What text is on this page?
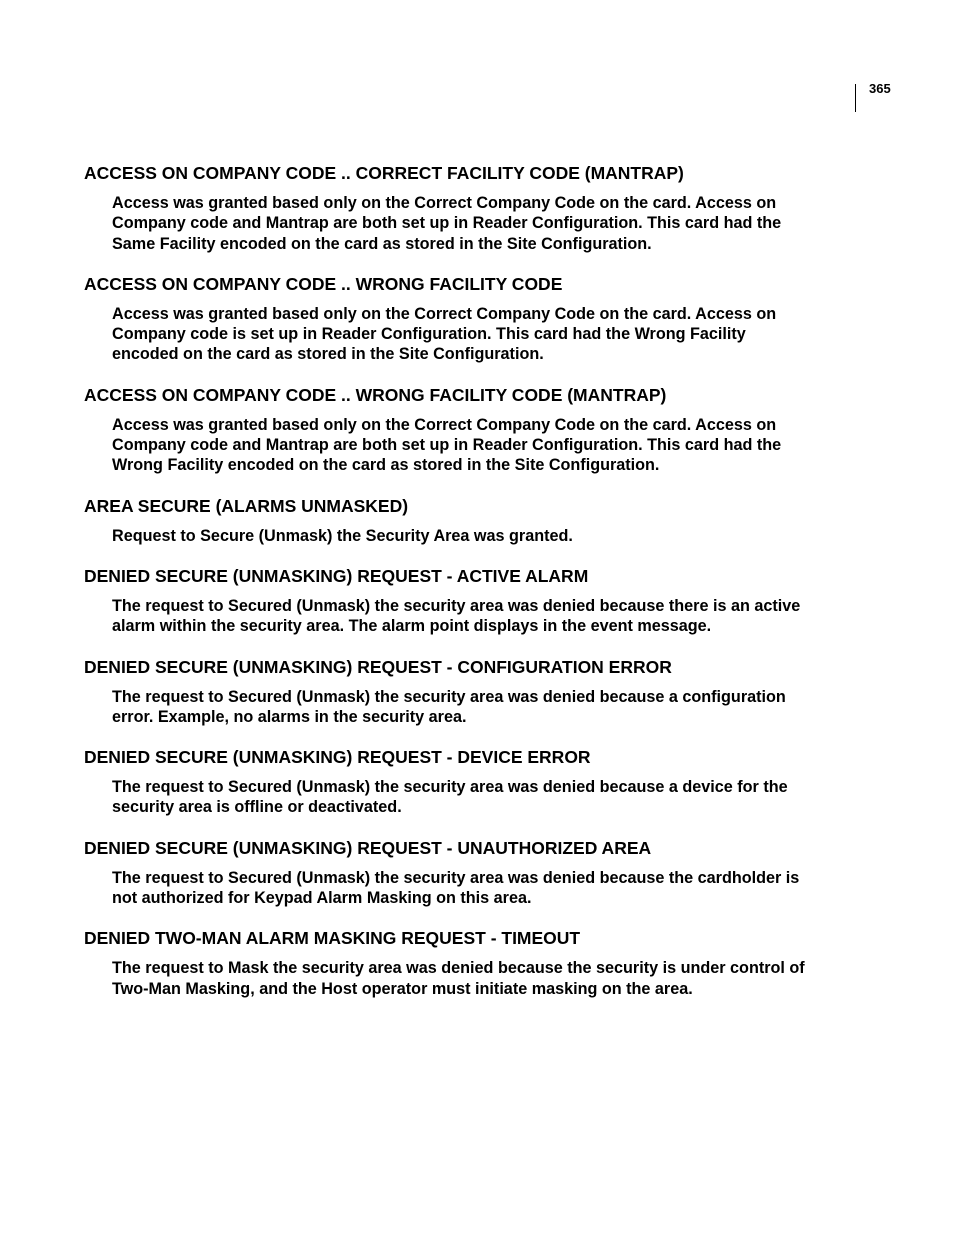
365
ACCESS ON COMPANY CODE .. CORRECT FACILITY CODE (MANTRAP)
Access was granted based only on the Correct Company Code on the card. Access on
Company code and Mantrap are both set up in Reader Configuration. This card had the
Same Facility encoded on the card as stored in the Site Configuration.
ACCESS ON COMPANY CODE .. WRONG FACILITY CODE
Access was granted based only on the Correct Company Code on the card. Access on
Company code is set up in Reader Configuration. This card had the Wrong Facility
encoded on the card as stored in the Site Configuration.
ACCESS ON COMPANY CODE .. WRONG FACILITY CODE (MANTRAP)
Access was granted based only on the Correct Company Code on the card. Access on
Company code and Mantrap are both set up in Reader Configuration. This card had the
Wrong Facility encoded on the card as stored in the Site Configuration.
AREA SECURE (ALARMS UNMASKED)
Request to Secure (Unmask) the Security Area was granted.
DENIED SECURE (UNMASKING) REQUEST - ACTIVE ALARM
The request to Secured (Unmask) the security area was denied because there is an active
alarm within the security area. The alarm point displays in the event message.
DENIED SECURE (UNMASKING) REQUEST - CONFIGURATION ERROR
The request to Secured (Unmask) the security area was denied because a configuration
error. Example, no alarms in the security area.
DENIED SECURE (UNMASKING) REQUEST - DEVICE ERROR
The request to Secured (Unmask) the security area was denied because a device for the
security area is offline or deactivated.
DENIED SECURE (UNMASKING) REQUEST - UNAUTHORIZED AREA
The request to Secured (Unmask) the security area was denied because the cardholder is
not authorized for Keypad Alarm Masking on this area.
DENIED TWO-MAN ALARM MASKING REQUEST - TIMEOUT
The request to Mask the security area was denied because the security is under control of
Two-Man Masking, and the Host operator must initiate masking on the area.
